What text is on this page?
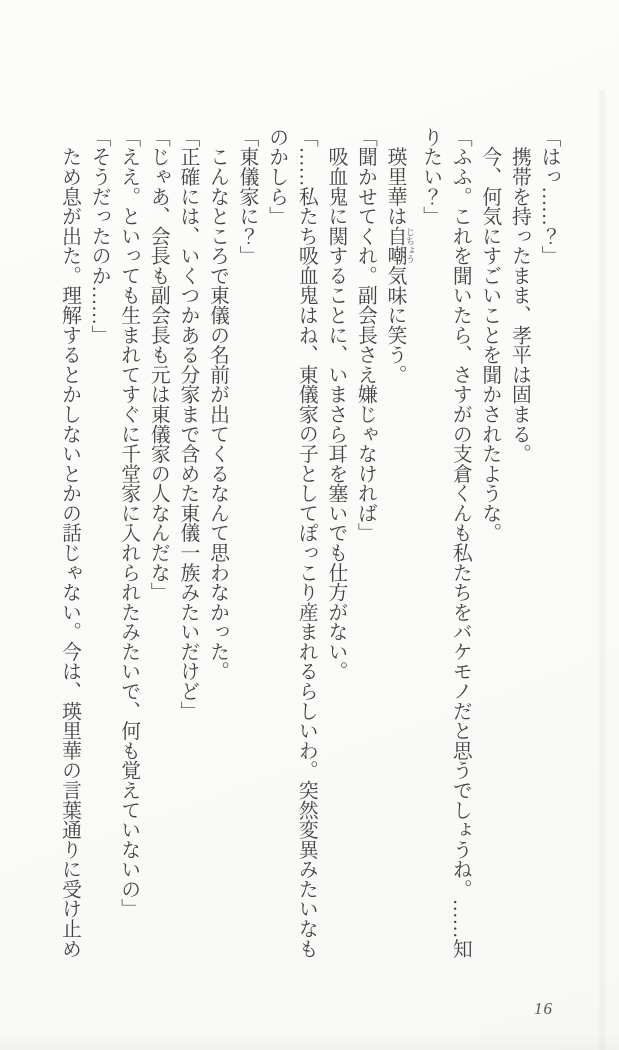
「はっ……？」

　携帯を持ったまま、孝平は固まる。

　今、何気にすごいことを聞かされたような。

「ふふ。これを聞いたら、さすがの支倉くんも私たちをバケモノだと思うでしょうね。……知りたい？」

　瑛里華は自嘲 じちょう気味に笑う。

「聞かせてくれ。副会長さえ嫌じゃなければ」

　吸血鬼に関することに、いまさら耳を塞いでも仕方がない。

「……私たち吸血鬼はね、東儀家の子としてぽっこり産まれるらしいわ。突然変異みたいなものかしら」

「東儀家に？」

　こんなところで東儀の名前が出てくるなんて思わなかった。

「正確には、いくつかある分家まで含めた東儀一族みたいだけど」

「じゃあ、会長も副会長も元は東儀家の人なんだな」

「ええ。といっても生まれてすぐに千堂家に入れられたみたいで、何も覚えていないの」

「そうだったのか……」

　ため息が出た。理解するとかしないとかの話じゃない。今は、瑛里華の言葉通りに受け止め

16
